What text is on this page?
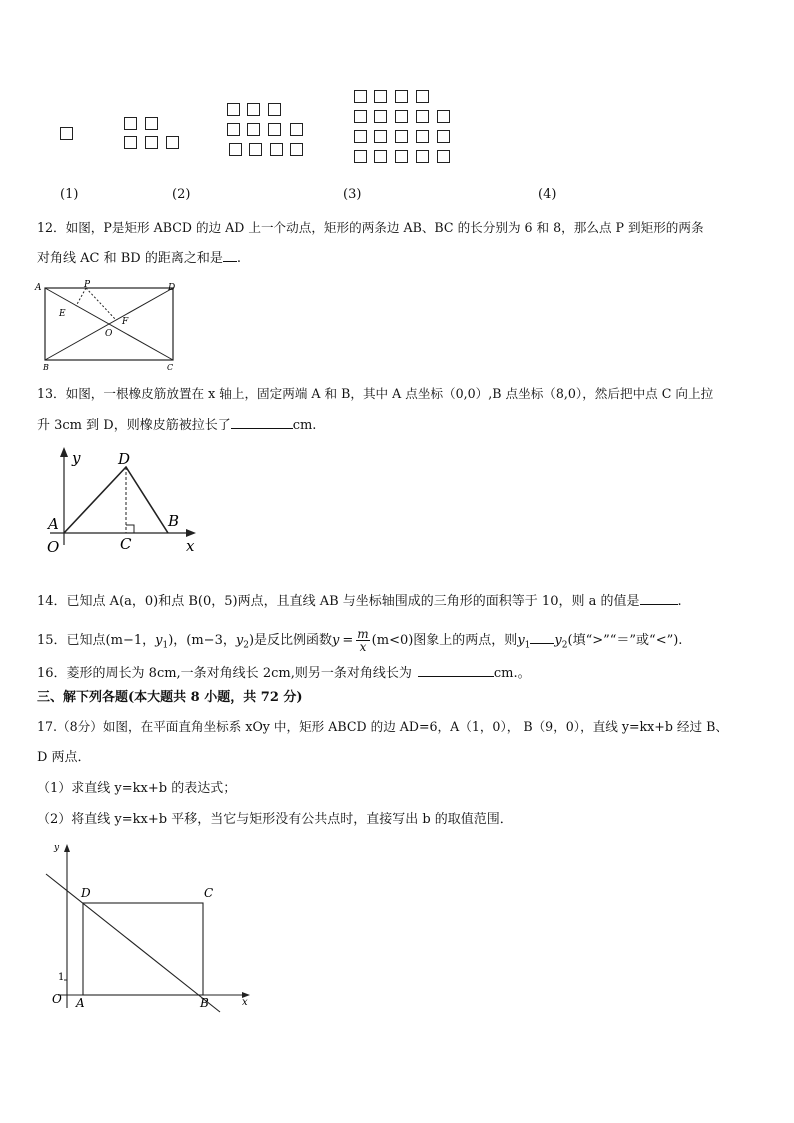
(1)	(2)	(3)	(4)
12．如图，P是矩形 ABCD 的边 AD 上一个动点，矩形的两条边 AB、BC 的长分别为 6 和 8，那么点 P 到矩形的两条
对角线 AC 和 BD 的距离之和是 .
A	P	D
E
F
O
B	C
13．如图，一根橡皮筋放置在 x 轴上，固定两端 A 和 B，其中 A 点坐标（0,0）,B 点坐标（8,0），然后把中点 C 向上拉
升 3cm 到 D，则橡皮筋被拉长了	cm.
y	D
A	B
O	C	x
14．已知点 A(a，0)和点 B(0，5)两点，且直线 AB 与坐标轴围成的三角形的面积等于 10，则 a 的值是	.
15．已知点(m−1，$y_1$)，(m−3，$y_2$)是反比例函数$y = \frac{m}{x} (m<0)$图象上的两点，则$y_1$ $y_2$(填“>”“＝”或“<”).
16．菱形的周长为 8cm,一条对角线长 2cm,则另一条对角线长为	cm.。
三、解下列各题(本大题共 8 小题，共 72 分)
17.（8分）如图，在平面直角坐标系 xOy 中，矩形 ABCD 的边 AD=6，A（1，0）， B（9，0），直线 y=kx+b 经过 B、
D 两点．
（1）求直线 y=kx+b 的表达式；
（2）将直线 y=kx+b 平移，当它与矩形没有公共点时，直接写出 b 的取值范围．
y
D	C
1
O A	B	x
